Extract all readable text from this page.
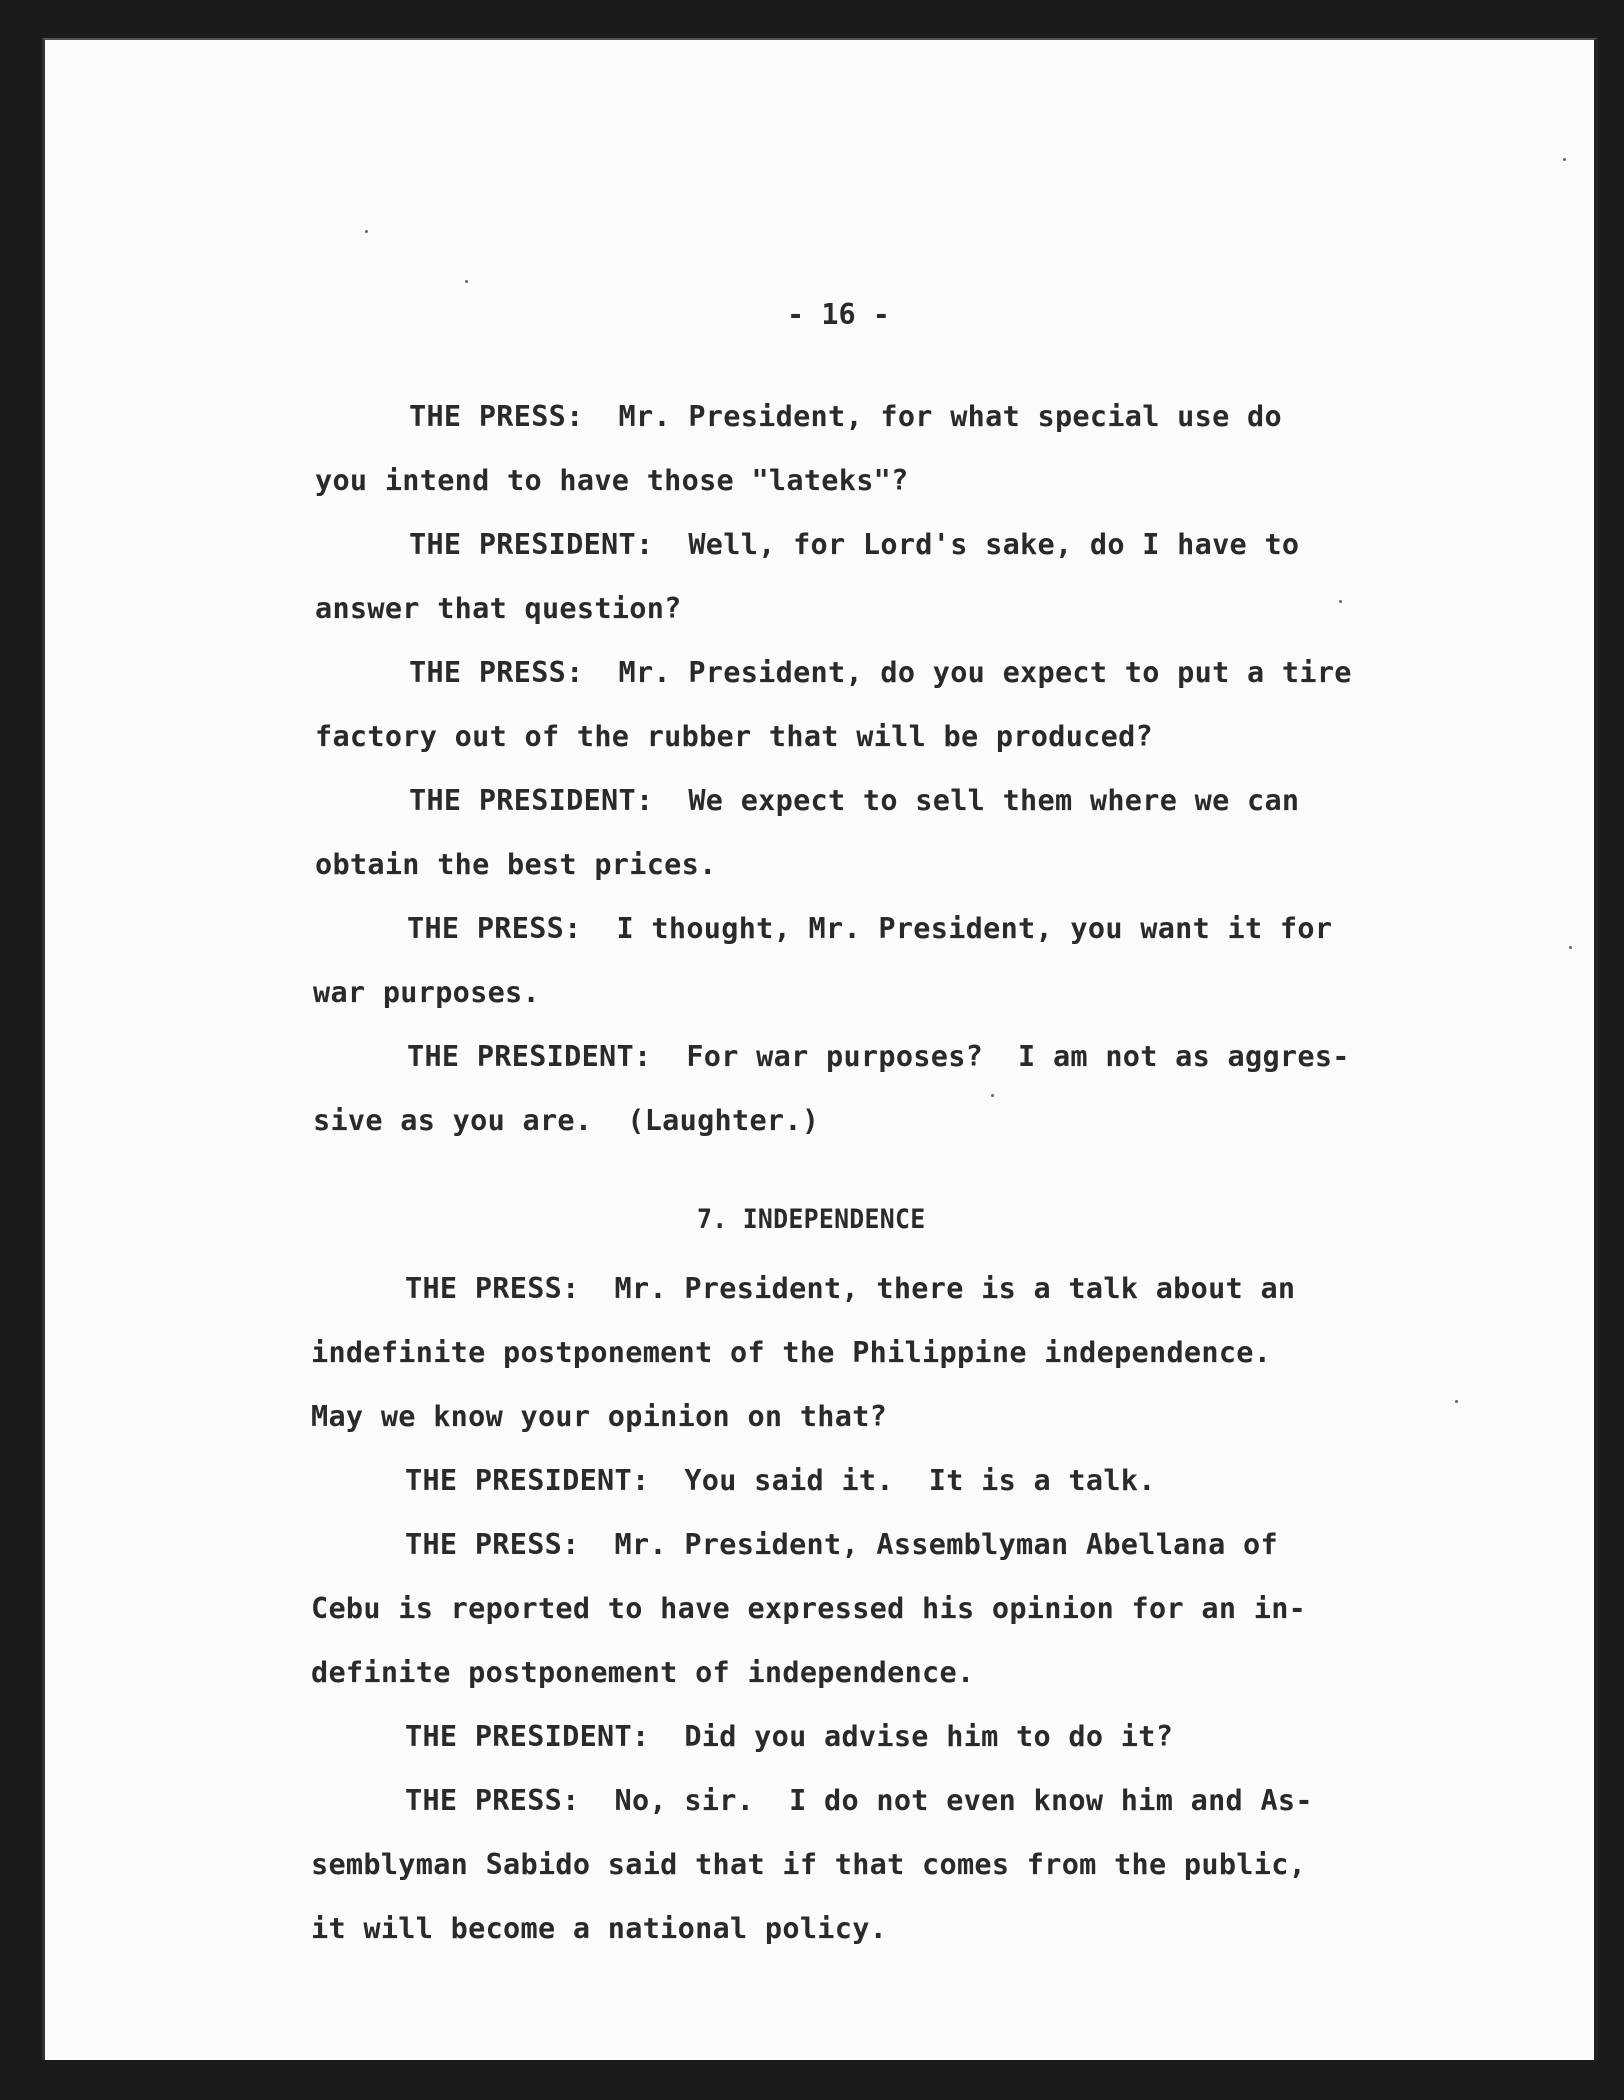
- 16 -
THE PRESS:  Mr. President, for what special use do
you intend to have those "lateks"?
THE PRESIDENT:  Well, for Lord's sake, do I have to
answer that question?
THE PRESS:  Mr. President, do you expect to put a tire
factory out of the rubber that will be produced?
THE PRESIDENT:  We expect to sell them where we can
obtain the best prices.
THE PRESS:  I thought, Mr. President, you want it for
war purposes.
THE PRESIDENT:  For war purposes?  I am not as aggres-
sive as you are.  (Laughter.)
7. INDEPENDENCE
THE PRESS:  Mr. President, there is a talk about an
indefinite postponement of the Philippine independence.
May we know your opinion on that?
THE PRESIDENT:  You said it.  It is a talk.
THE PRESS:  Mr. President, Assemblyman Abellana of
Cebu is reported to have expressed his opinion for an in-
definite postponement of independence.
THE PRESIDENT:  Did you advise him to do it?
THE PRESS:  No, sir.  I do not even know him and As-
semblyman Sabido said that if that comes from the public,
it will become a national policy.
